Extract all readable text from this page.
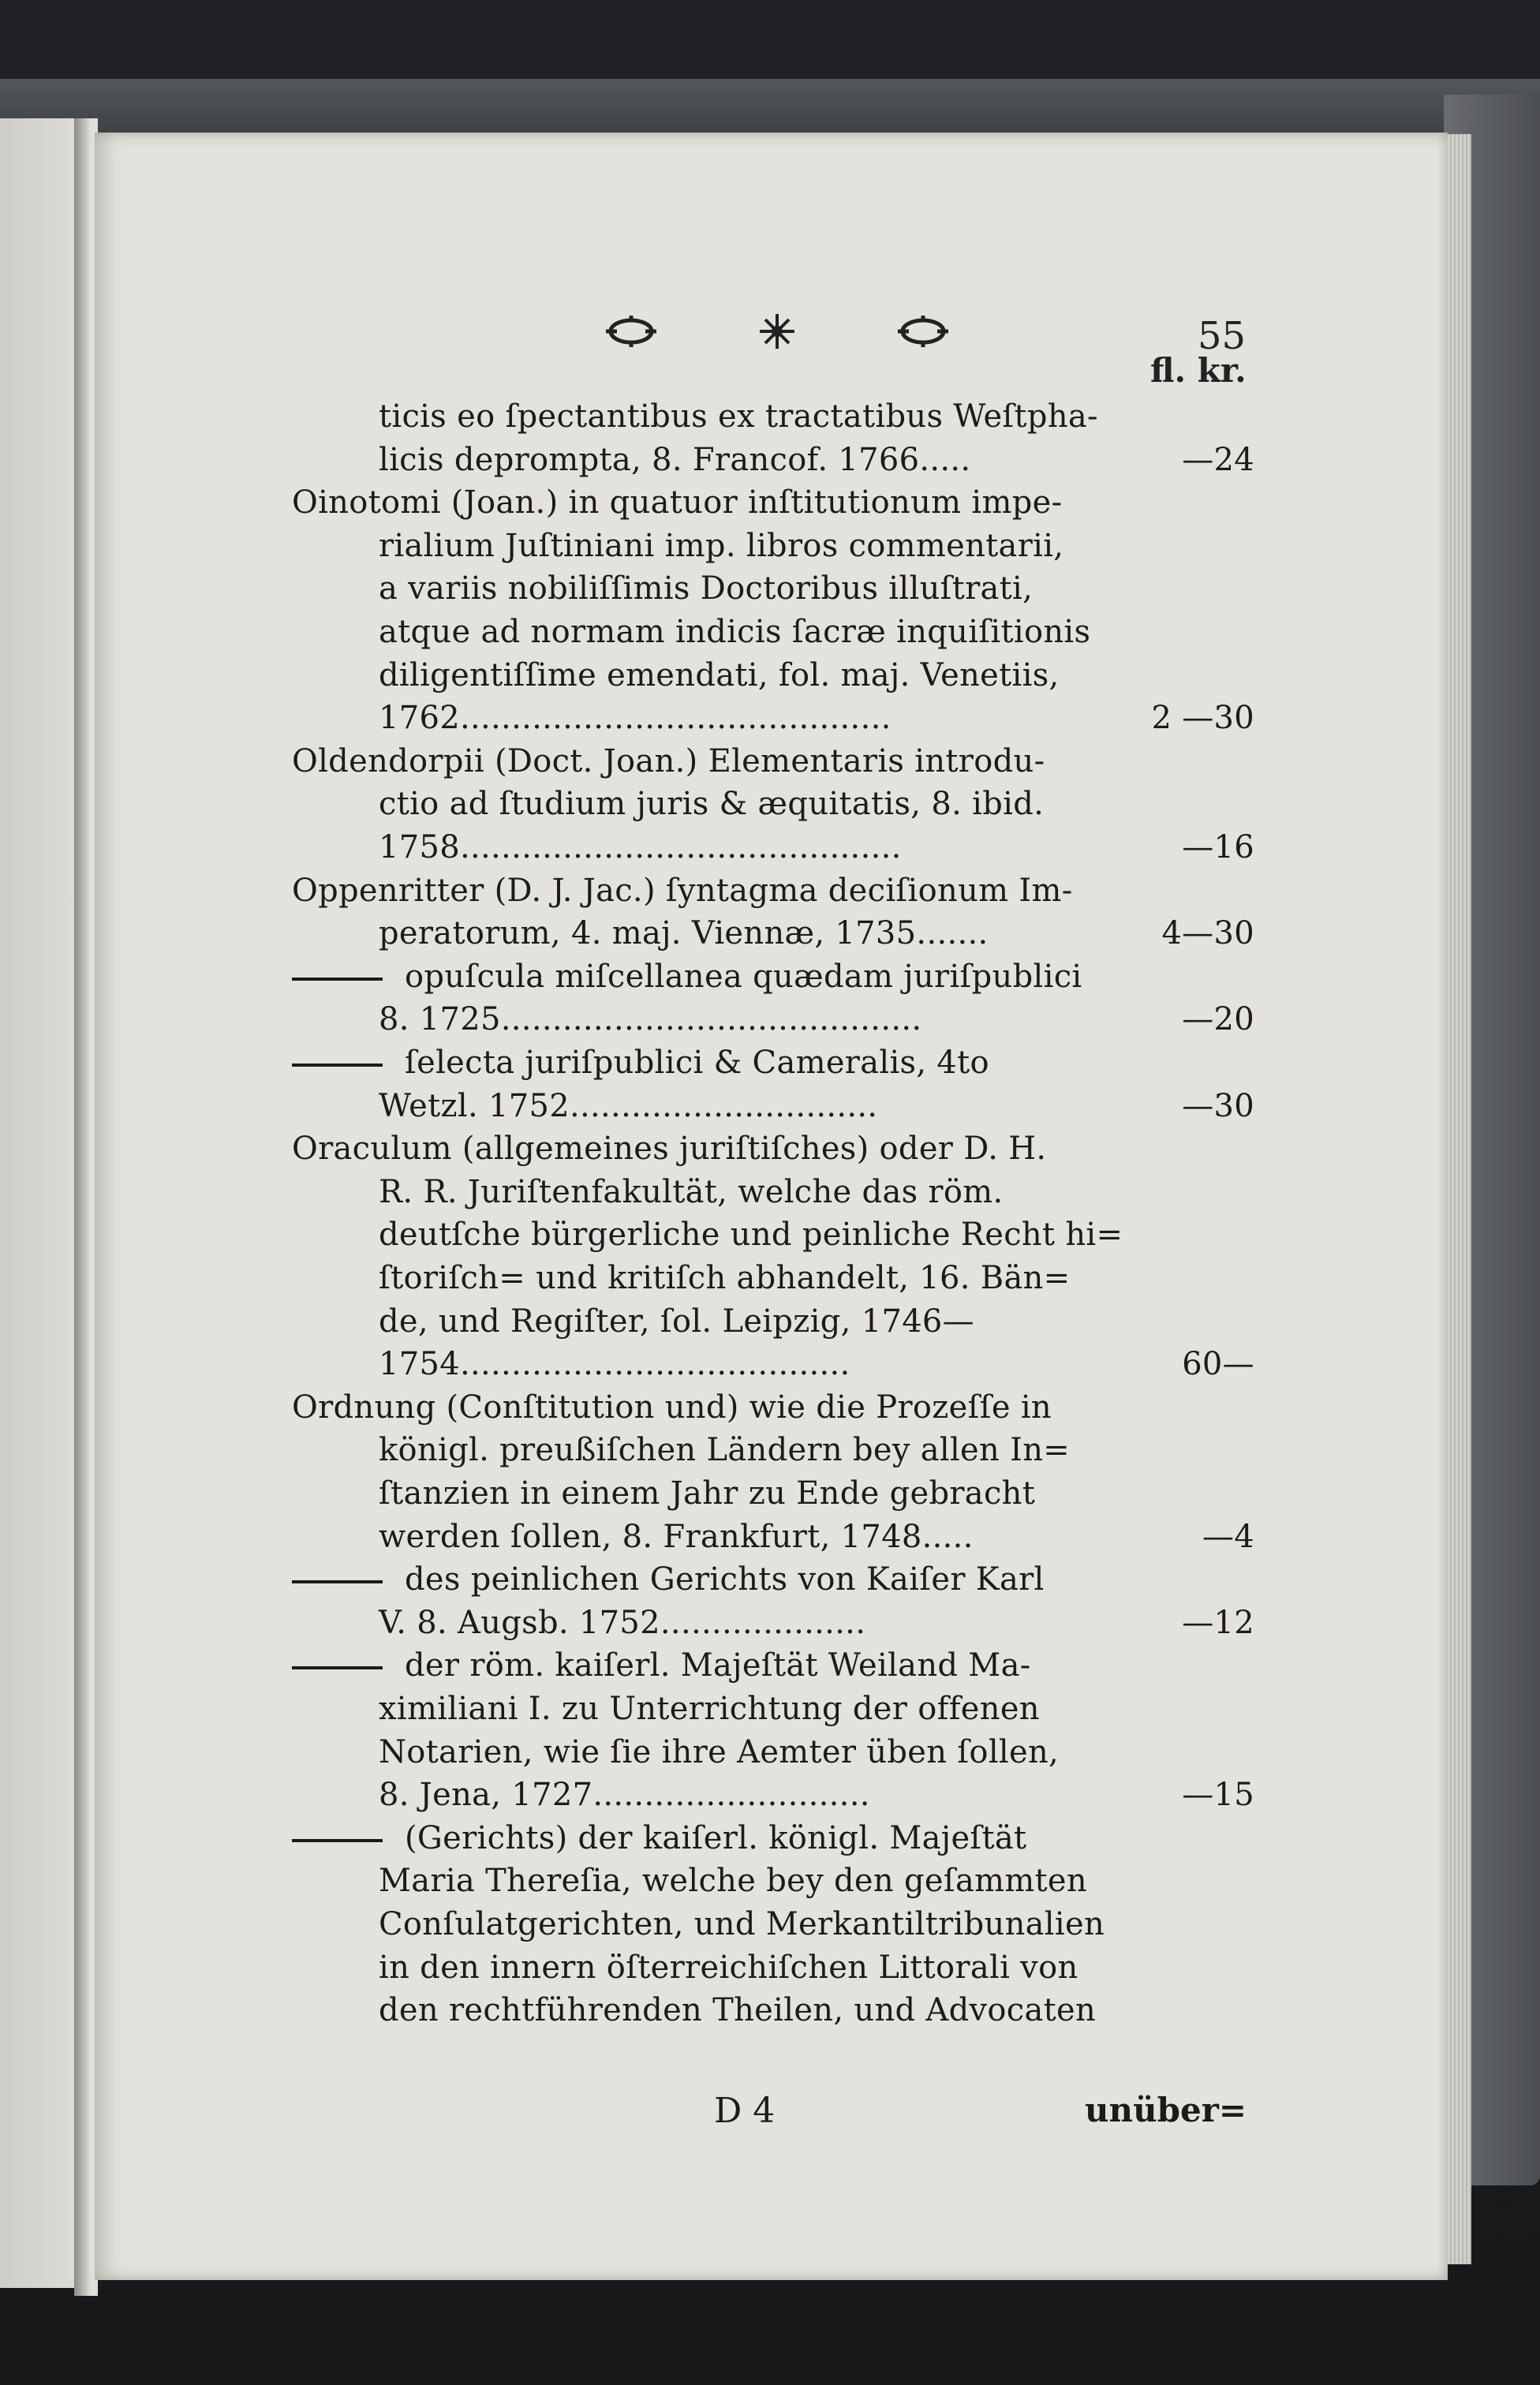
55
fl. kr.
ticis eo ſpectantibus ex tractatibus Weſtpha-
licis deprompta, 8. Francof. 1766.....	—24
Oinotomi (Joan.) in quatuor inſtitutionum impe-
rialium Juſtiniani imp. libros commentarii,
a variis nobiliſſimis Doctoribus illuſtrati,
atque ad normam indicis ſacræ inquiſitionis
diligentiſſime emendati, fol. maj. Venetiis,
1762..........................................	2 —30
Oldendorpii (Doct. Joan.) Elementaris introdu-
ctio ad ſtudium juris & æquitatis, 8. ibid.
1758...........................................	—16
Oppenritter (D. J. Jac.) ſyntagma deciſionum Im-
peratorum, 4. maj. Viennæ, 1735.......	4—30
opuſcula miſcellanea quædam juriſpublici
8. 1725.........................................	—20
ſelecta juriſpublici & Cameralis, 4to
Wetzl. 1752..............................	—30
Oraculum (allgemeines juriſtiſches) oder D. H.
R. R. Juriſtenfakultät, welche das röm.
deutſche bürgerliche und peinliche Recht hi=
ſtoriſch= und kritiſch abhandelt, 16. Bän=
de, und Regiſter, ſol. Leipzig, 1746—
1754......................................	60—
Ordnung (Conſtitution und) wie die Prozeſſe in
königl. preußiſchen Ländern bey allen In=
ſtanzien in einem Jahr zu Ende gebracht
werden ſollen, 8. Frankfurt, 1748.....	—4
des peinlichen Gerichts von Kaiſer Karl
V. 8. Augsb. 1752....................	—12
der röm. kaiſerl. Majeſtät Weiland Ma-
ximiliani I. zu Unterrichtung der offenen
Notarien, wie ſie ihre Aemter üben ſollen,
8. Jena, 1727...........................	—15
(Gerichts) der kaiſerl. königl. Majeſtät
Maria Thereſia, welche bey den geſammten
Conſulatgerichten, und Merkantiltribunalien
in den innern öſterreichiſchen Littorali von
den rechtführenden Theilen, und Advocaten
D 4	unüber=
